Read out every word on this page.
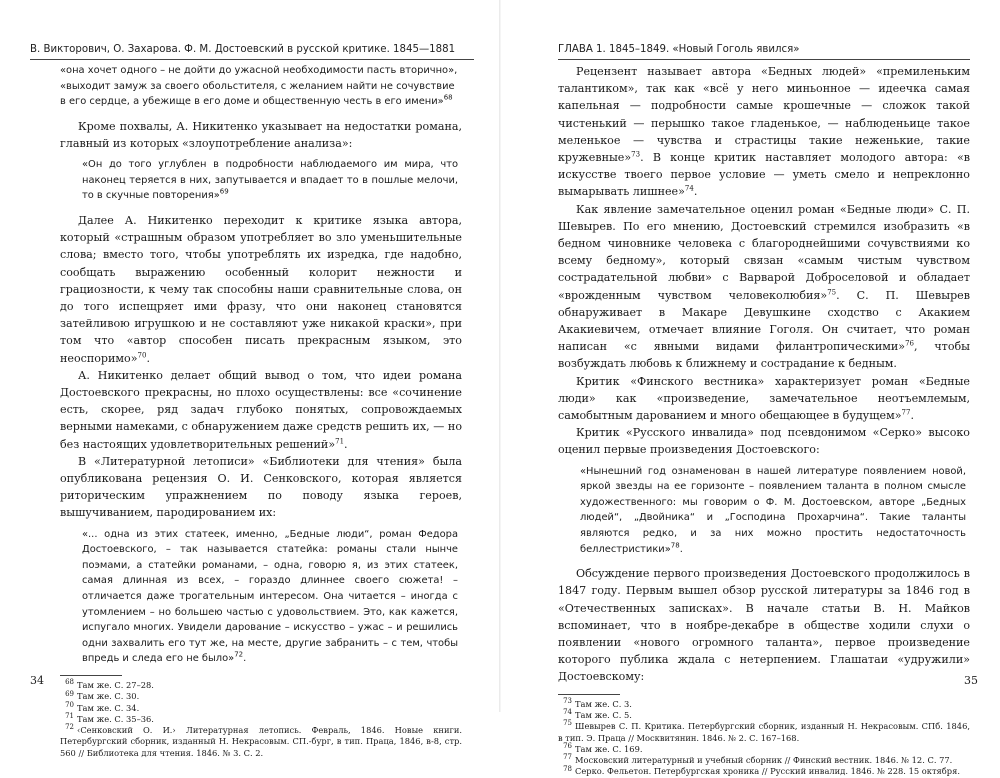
В. Викторович, О. Захарова. Ф. М. Достоевский в русской критике. 1845—1881
«она хочет одного – не дойти до ужасной необходимости пасть вторично»,
«выходит замуж за своего обольстителя, с желанием найти не сочувствие
в его сердце, а убежище в его доме и общественную честь в его имени»$^{68}$

Кроме похвалы, А. Никитенко указывает на недостатки романа, главный из которых «злоупотребление анализа»:

«Он до того углублен в подробности наблюдаемого им мира, что наконец теряется в них, запутывается и впадает то в пошлые мелочи, то в скучные повторения»$^{69}$

Далее А. Никитенко переходит к критике языка автора, который «страшным образом употребляет во зло уменьшительные слова; вместо того, чтобы употреблять их изредка, где надобно, сообщать выражению особенный колорит нежности и грациозности, к чему так способны наши сравнительные слова, он до того испещряет ими фразу, что они наконец становятся затейливою игрушкою и не составляют уже никакой краски», при том что «автор способен писать прекрасным языком, это неоспоримо»$^{70}$.

А. Никитенко делает общий вывод о том, что идеи романа Достоевского прекрасны, но плохо осуществлены: все «сочинение есть, скорее, ряд задач глубоко понятых, сопровождаемых верными намеками, с обнаружением даже средств решить их, — но без настоящих удовлетворительных решений»$^{71}$.

В «Литературной летописи» «Библиотеки для чтения» была опубликована рецензия О. И. Сенковского, которая является риторическим упражнением по поводу языка героев, вышучиванием, пародированием их:

«... одна из этих статеек, именно, „Бедные люди“, роман Федора Достоевского, – так называется статейка: романы стали нынче поэмами, а статейки романами, – одна, говорю я, из этих статеек, самая длинная из всех, – гораздо длиннее своего сюжета! – отличается даже трогательным интересом. Она читается – иногда с утомлением – но большею частью с удовольствием. Это, как кажется, испугало многих. Увидели дарование – искусство – ужас – и решились одни захвалить его тут же, на месте, другие забранить – с тем, чтобы впредь и следа его не было»$^{72}$.

$^{68}$ Там же. С. 27–28.

$^{69}$ Там же. С. 30.

$^{70}$ Там же. С. 34.

$^{71}$ Там же. С. 35–36.

$^{72}$ ‹Сенковский О. И.› Литературная летопись. Февраль, 1846. Новые книги. Петербургский сборник, изданный Н. Некрасовым. СП.-бург, в тип. Праца, 1846, в-8, стр. 560 // Библиотека для чтения. 1846. № 3. С. 2.

34
ГЛАВА 1. 1845–1849. «Новый Гоголь явился»

Рецензент называет автора «Бедных людей» «премиленьким талантиком», так как «всё у него миньонное — идеечка самая капельная — подробности самые крошечные — сложок такой чистенький — перышко такое гладенькое, — наблюденьице такое меленькое — чувства и страстицы такие неженькие, такие кружевные»$^{73}$. В конце критик наставляет молодого автора: «в искусстве твоего первое условие — уметь смело и непреклонно вымарывать лишнее»$^{74}$.

Как явление замечательное оценил роман «Бедные люди» С. П. Шевырев. По его мнению, Достоевский стремился изобразить «в бедном чиновнике человека с благороднейшими сочувствиями ко всему бедному», который связан «самым чистым чувством сострадательной любви» с Варварой Доброселовой и обладает «врожденным чувством человеколюбия»$^{75}$. С. П. Шевырев обнаруживает в Макаре Девушкине сходство с Акакием Акакиевичем, отмечает влияние Гоголя. Он считает, что роман написан «с явными видами филантропическими»$^{76}$, чтобы возбуждать любовь к ближнему и сострадание к бедным.

Критик «Финского вестника» характеризует роман «Бедные люди» как «произведение, замечательное неотъемлемым, самобытным дарованием и много обещающее в будущем»$^{77}$.

Критик «Русского инвалида» под псевдонимом «Серко» высоко оценил первые произведения Достоевского:

«Нынешний год ознаменован в нашей литературе появлением новой, яркой звезды на ее горизонте – появлением таланта в полном смысле художественного: мы говорим о Ф. М. Достоевском, авторе „Бедных людей“, „Двойника“ и „Господина Прохарчина“. Такие таланты являются редко, и за них можно простить недостаточность беллестристики»$^{78}$.

Обсуждение первого произведения Достоевского продолжилось в 1847 году. Первым вышел обзор русской литературы за 1846 год в «Отечественных записках». В начале статьи В. Н. Майков вспоминает, что в ноябре-декабре в обществе ходили слухи о появлении «нового огромного таланта», первое произведение которого публика ждала с нетерпением. Глашатаи «удружили» Достоевскому:

$^{73}$ Там же. С. 3.

$^{74}$ Там же. С. 5.

$^{75}$ Шевырев С. П. Критика. Петербургский сборник, изданный Н. Некрасовым. СПб. 1846, в тип. Э. Праца // Москвитянин. 1846. № 2. С. 167–168.

$^{76}$ Там же. С. 169.

$^{77}$ Московский литературный и учебный сборник // Финский вестник. 1846. № 12. С. 77.

$^{78}$ Серко. Фельетон. Петербургская хроника // Русский инвалид. 1846. № 228. 15 октября.

35
